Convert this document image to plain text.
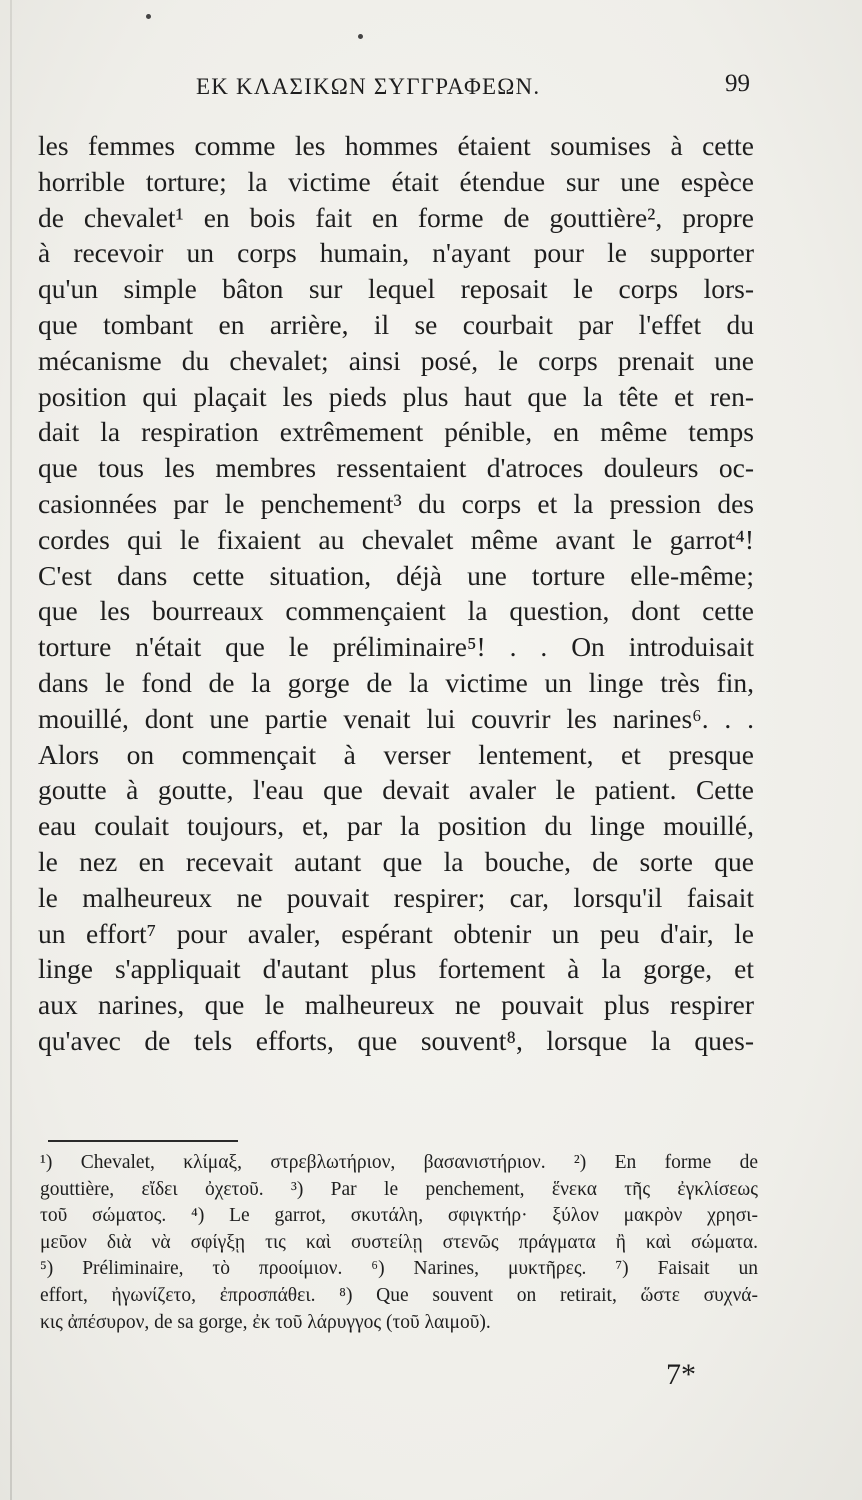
ΕΚ ΚΛΑΣΙΚΩΝ ΣΥΓΓΡΑΦΕΩΝ.	99
les femmes comme les hommes étaient soumises à cette
horrible torture; la victime était étendue sur une espèce
de chevalet¹ en bois fait en forme de gouttière², propre
à recevoir un corps humain, n'ayant pour le supporter
qu'un simple bâton sur lequel reposait le corps lors-
que tombant en arrière, il se courbait par l'effet du
mécanisme du chevalet; ainsi posé, le corps prenait une
position qui plaçait les pieds plus haut que la tête et ren-
dait la respiration extrêmement pénible, en même temps
que tous les membres ressentaient d'atroces douleurs oc-
casionnées par le penchement³ du corps et la pression des
cordes qui le fixaient au chevalet même avant le garrot⁴!
C'est dans cette situation, déjà une torture elle-même;
que les bourreaux commençaient la question, dont cette
torture n'était que le préliminaire⁵! . . On introduisait
dans le fond de la gorge de la victime un linge très fin,
mouillé, dont une partie venait lui couvrir les narines⁶. . .
Alors on commençait à verser lentement, et presque
goutte à goutte, l'eau que devait avaler le patient. Cette
eau coulait toujours, et, par la position du linge mouillé,
le nez en recevait autant que la bouche, de sorte que
le malheureux ne pouvait respirer; car, lorsqu'il faisait
un effort⁷ pour avaler, espérant obtenir un peu d'air, le
linge s'appliquait d'autant plus fortement à la gorge, et
aux narines, que le malheureux ne pouvait plus respirer
qu'avec de tels efforts, que souvent⁸, lorsque la ques-
¹) Chevalet, κλίμαξ, στρεβλωτήριον, βασανιστήριον. ²) En forme de
gouttière, εἴδει ὀχετοῦ. ³) Par le penchement, ἕνεκα τῆς ἐγκλίσεως
τοῦ σώματος. ⁴) Le garrot, σκυτάλη, σφιγκτήρ· ξύλον μακρὸν χρησι-
μεῦον διὰ νὰ σφίγξῃ τις καὶ συστείλῃ στενῶς πράγματα ἢ καὶ σώματα.
⁵) Préliminaire, τὸ προοίμιον. ⁶) Narines, μυκτῆρες. ⁷) Faisait un
effort, ἠγωνίζετο, ἐπροσπάθει. ⁸) Que souvent on retirait, ὥστε συχνά-
κις ἀπέσυρον, de sa gorge, ἐκ τοῦ λάρυγγος (τοῦ λαιμοῦ).
7*
